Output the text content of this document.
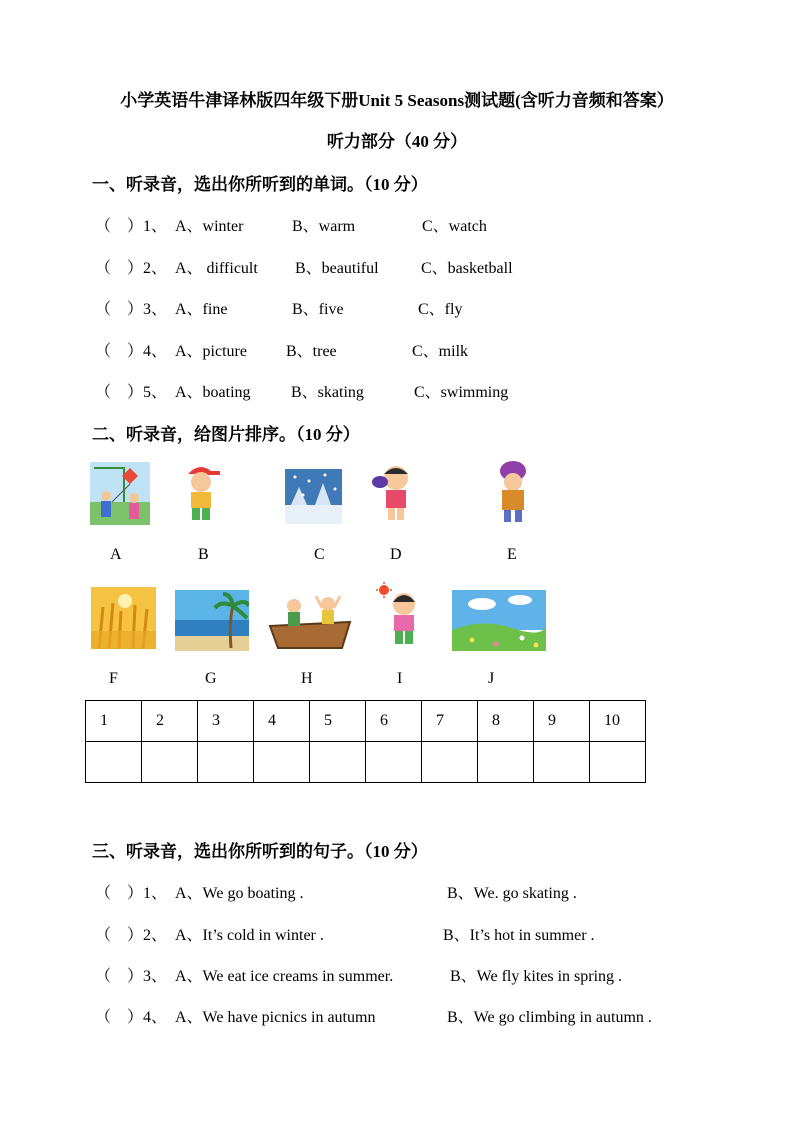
小学英语牛津译林版四年级下册Unit 5 Seasons测试题(含听力音频和答案）
听力部分（40 分）
一、听录音，选出你所听到的单词。（10 分）
（　）1、 A、winter	B、warm	C、watch
（　）2、 A、 difficult B、beautiful	C、basketball
（　）3、 A、fine	B、five	C、fly
（　）4、 A、picture B、tree	C、milk
（　）5、 A、boating	B、skating	C、swimming
二、听录音，给图片排序。（10 分）
A	B	C	D	E
F	G	H	I	J
1	2	3	4	5	6	7	8	9	10

三、听录音，选出你所听到的句子。（10 分）
（　）1、 A、We go boating .	B、We. go skating .
（　）2、 A、It’s cold in winter .	B、It’s hot in summer .
（　）3、 A、We eat ice creams in summer.	B、We fly kites in spring .
（　）4、 A、We have picnics in autumn	B、We go climbing in autumn .
